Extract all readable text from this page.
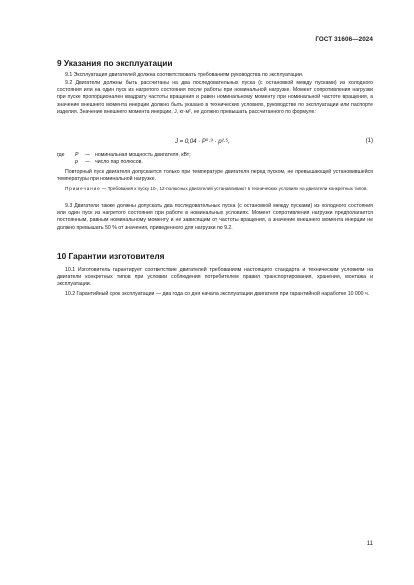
ГОСТ 31606—2024
9 Указания по эксплуатации
9.1 Эксплуатация двигателей должна соответствовать требованиям руководства по эксплуатации.
9.2 Двигатели должны быть рассчитаны на два последовательных пуска (с остановкой между пусками) из холодного состояния или на один пуск из нагретого состояния после работы при номинальной нагрузке. Момент сопротивления нагрузки при пуске пропорционален квадрату частоты вращения и равен номинальному моменту при номинальной частоте вращения, а значение внешнего момента инерции должно быть указано в технических условиях, руководстве по эксплуатации или паспорте изделия. Значение внешнего момента инерции, J, кг·м², не должно превышать рассчитанного по формуле:
J = 0,04 · P⁰·⁹ · p²·⁵,	(1)
где	P	— номинальная мощность двигателя, кВт;
p	— число пар полюсов.
Повторный пуск двигателя допускается только при температуре двигателя перед пуском, не превышающей установившейся температуры при номинальной нагрузке.
Примечание — Требования к пуску 10-, 12-полюсных двигателей устанавливают в технических условиях на двигатели конкретных типов.
9.3 Двигатели также должны допускать два последовательных пуска (с остановкой между пусками) из холодного состояния или один пуск из нагретого состояния при работе в номинальных условиях. Момент сопротивления нагрузки предполагается постоянным, равным номинальному моменту и не зависящим от частоты вращения, а значение внешнего момента инерции не должно превышать 50 % от значения, приведенного для нагрузки по 9.2.
10 Гарантии изготовителя
10.1 Изготовитель гарантирует соответствие двигателей требованиям настоящего стандарта и техническим условиям на двигатели конкретных типов при условии соблюдения потребителем правил транспортирования, хранения, монтажа и эксплуатации.
10.2 Гарантийный срок эксплуатации — два года со дня начала эксплуатации двигателя при гарантийной наработке 10 000 ч.
11
